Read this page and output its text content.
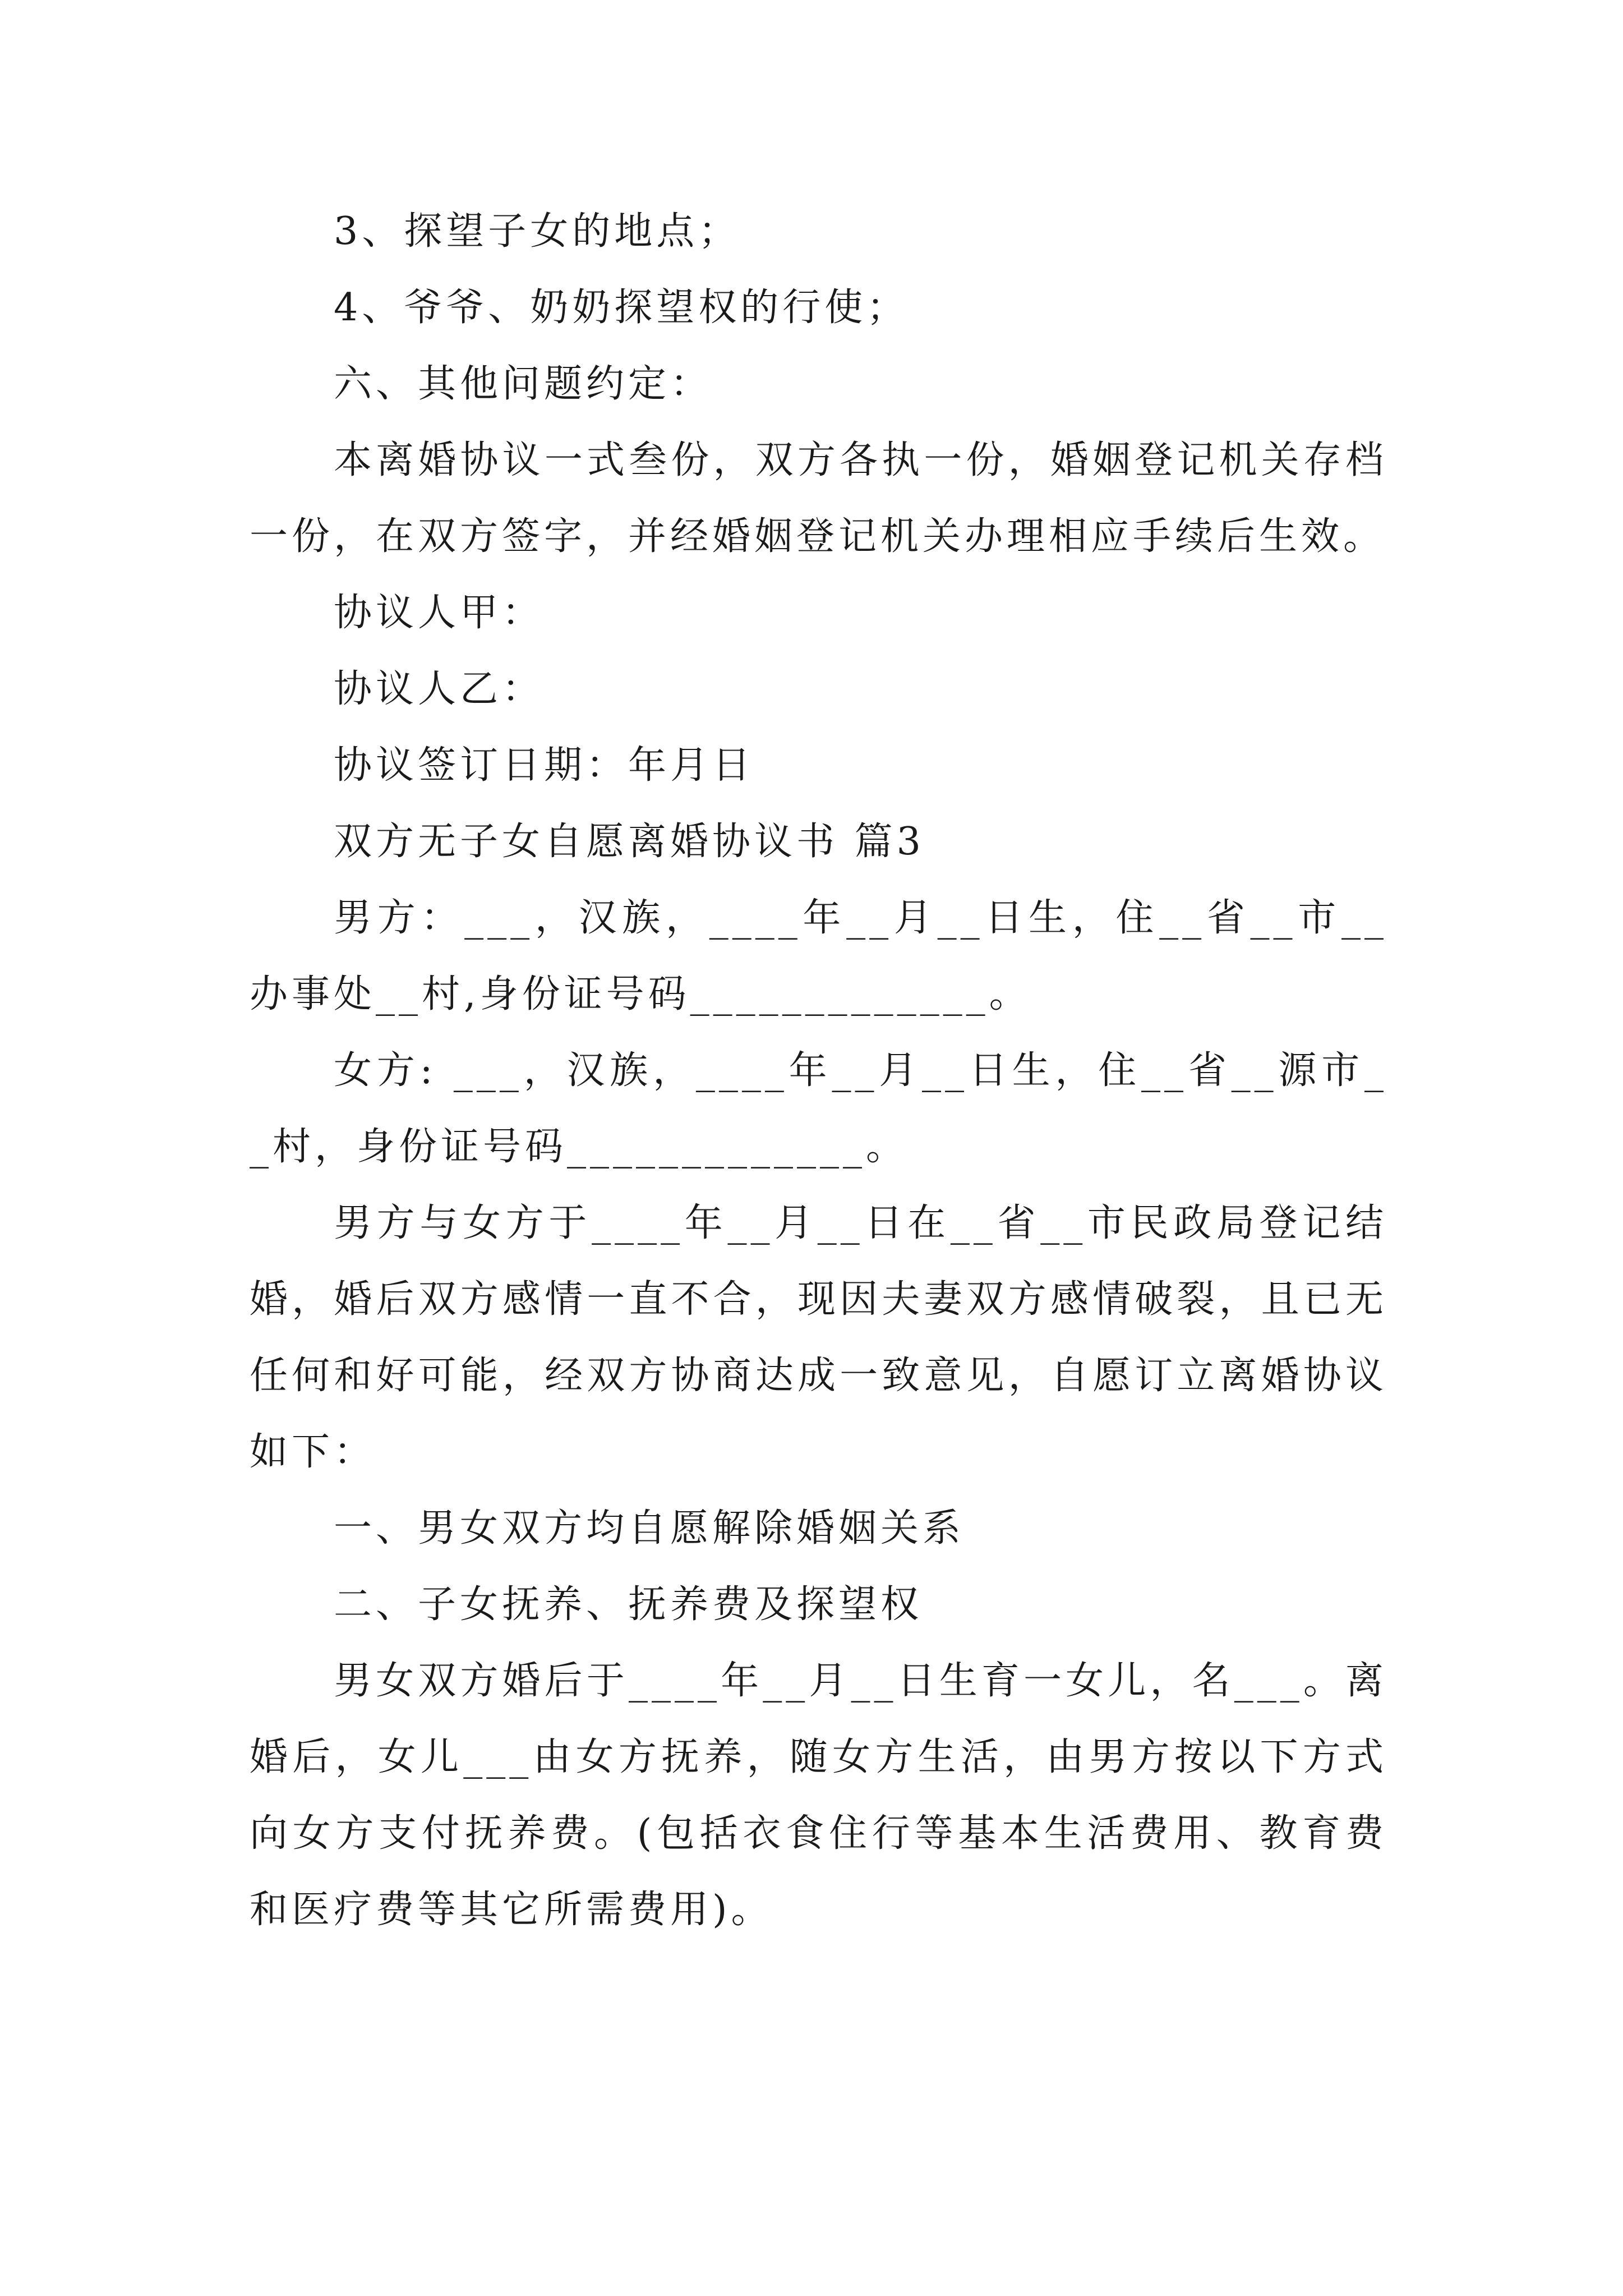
3、探望子女的地点；

4、爷爷、奶奶探望权的行使；

六、其他问题约定：

本离婚协议一式叁份，双方各执一份，婚姻登记机关存档一份，在双方签字，并经婚姻登记机关办理相应手续后生效。

协议人甲：

协议人乙：

协议签订日期：年月日

双方无子女自愿离婚协议书 篇3

男方：___，汉族，____年__月__日生，住__省__市__办事处__村,身份证号码_____________。

女方: ___，汉族，____年__月__日生，住__省__源市__村，身份证号码_____________。

男方与女方于____年__月__日在__省__市民政局登记结婚，婚后双方感情一直不合，现因夫妻双方感情破裂，且已无任何和好可能，经双方协商达成一致意见，自愿订立离婚协议如下：

一、男女双方均自愿解除婚姻关系

二、子女抚养、抚养费及探望权

男女双方婚后于____年__月__日生育一女儿，名___。离婚后，女儿___由女方抚养，随女方生活，由男方按以下方式向女方支付抚养费。(包括衣食住行等基本生活费用、教育费和医疗费等其它所需费用)。
